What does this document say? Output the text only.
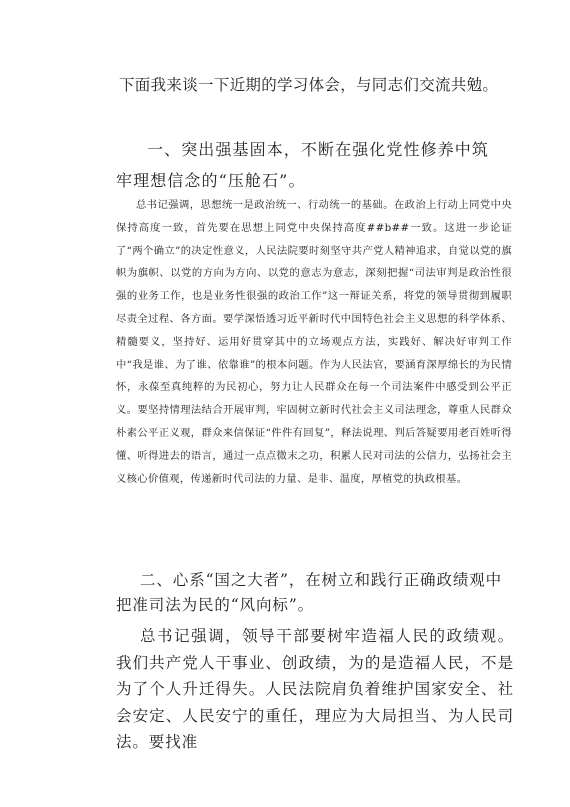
下面我来谈一下近期的学习体会，与同志们交流共勉。
一、突出强基固本，不断在强化党性修养中筑牢理想信念的“压舱石”。
总书记强调，思想统一是政治统一、行动统一的基础。在政治上行动上同党中央保持高度一致，首先要在思想上同党中央保持高度##b##一致。这进一步论证了“两个确立”的决定性意义，人民法院要时刻坚守共产党人精神追求，自觉以党的旗帜为旗帜、以党的方向为方向、以党的意志为意志，深刻把握“司法审判是政治性很强的业务工作，也是业务性很强的政治工作”这一辩证关系，将党的领导贯彻到履职尽责全过程、各方面。要学深悟透习近平新时代中国特色社会主义思想的科学体系、精髓要义，坚持好、运用好贯穿其中的立场观点方法，实践好、解决好审判工作中“我是谁、为了谁、依靠谁”的根本问题。作为人民法官，要涵育深厚绵长的为民情怀，永葆至真纯粹的为民初心，努力让人民群众在每一个司法案件中感受到公平正义。要坚持情理法结合开展审判，牢固树立新时代社会主义司法理念，尊重人民群众朴素公平正义观，群众来信保证“件件有回复”，释法说理、判后答疑要用老百姓听得懂、听得进去的语言，通过一点点微末之功，积累人民对司法的公信力，弘扬社会主义核心价值观，传递新时代司法的力量、是非、温度，厚植党的执政根基。
二、心系“国之大者”，在树立和践行正确政绩观中把准司法为民的“风向标”。
总书记强调，领导干部要树牢造福人民的政绩观。我们共产党人干事业、创政绩，为的是造福人民，不是为了个人升迁得失。人民法院肩负着维护国家安全、社会安定、人民安宁的重任，理应为大局担当、为人民司法。要找准
